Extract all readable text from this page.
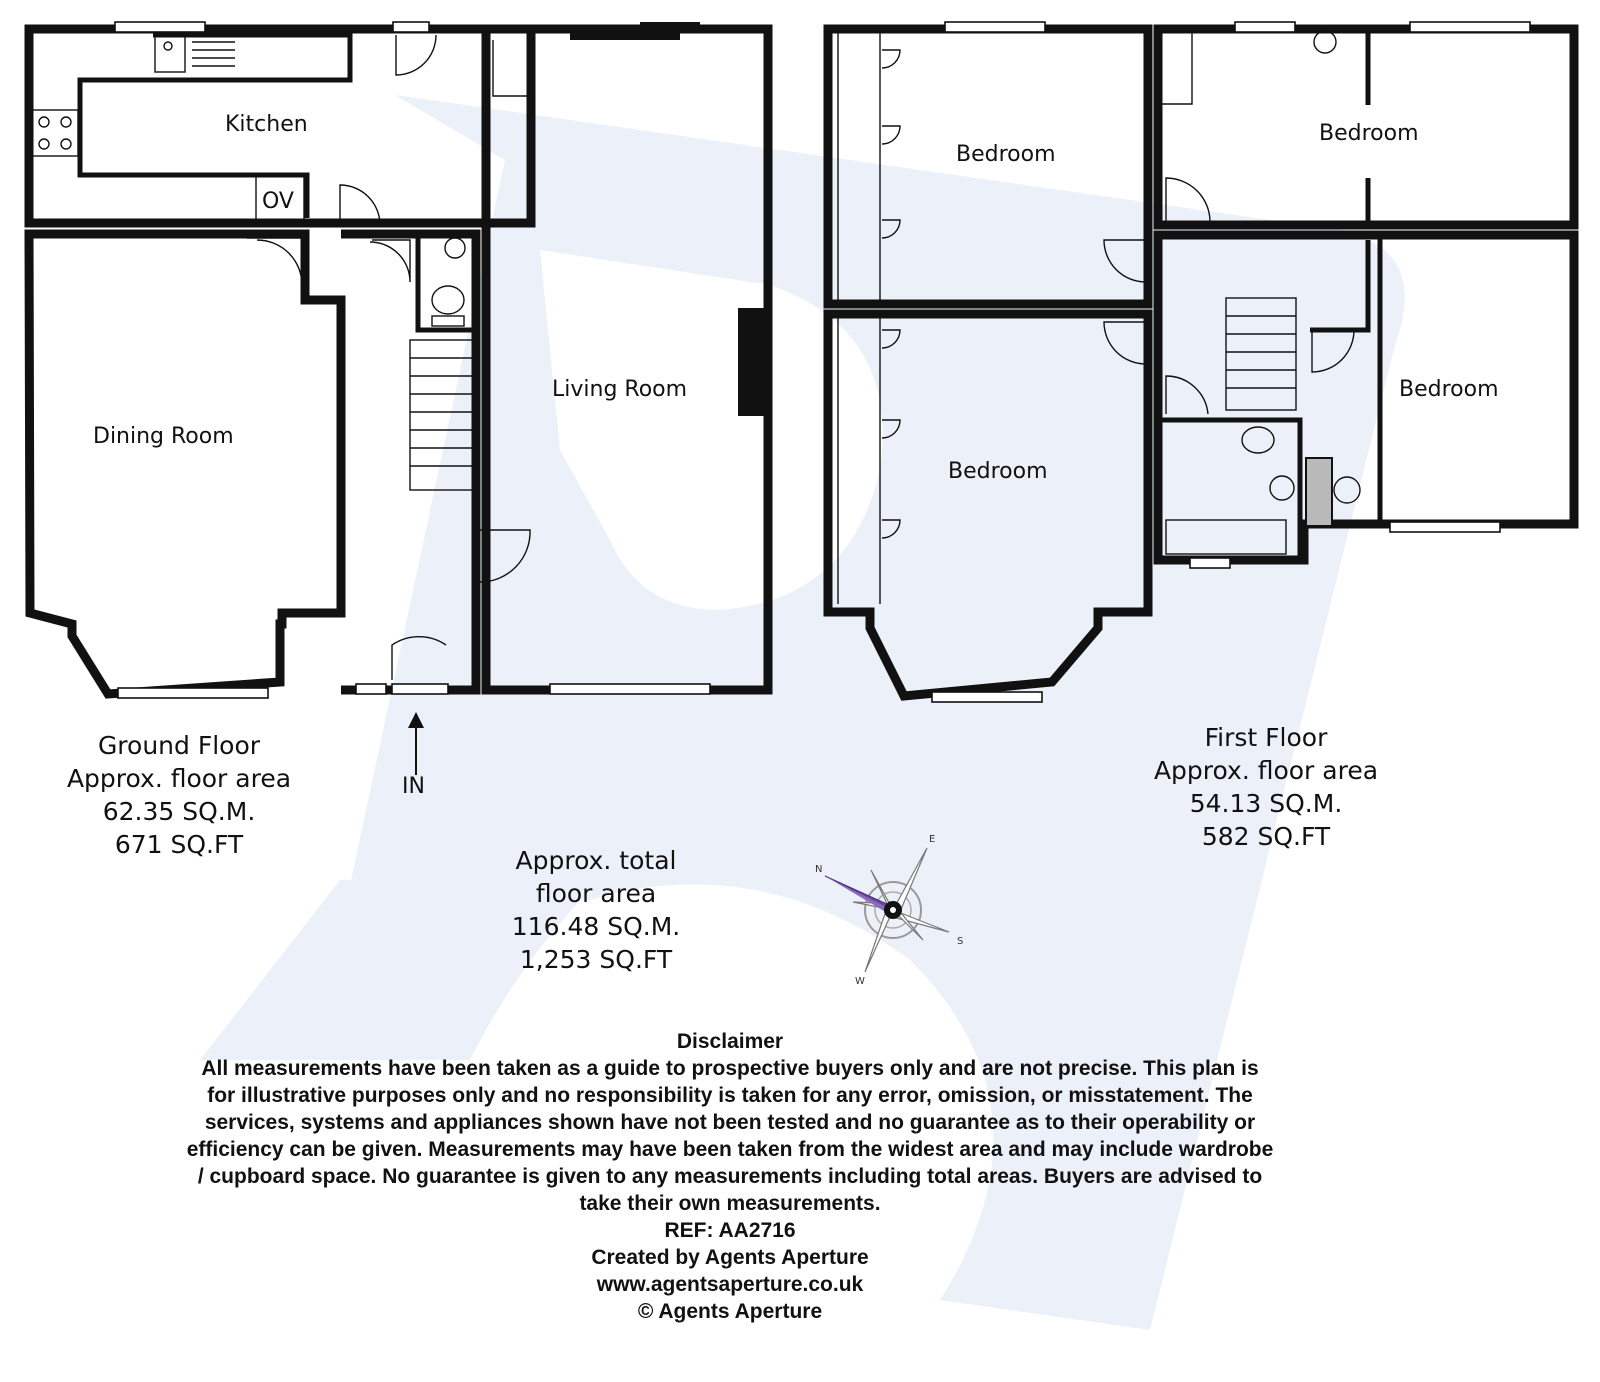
Kitchen
OV
Dining Room
Living Room
IN
Bedroom
Bedroom
Bedroom
Bedroom
Ground Floor
Approx. floor area
62.35 SQ.M.
671 SQ.FT
First Floor
Approx. floor area
54.13 SQ.M.
582 SQ.FT
Approx. total
floor area
116.48 SQ.M.
1,253 SQ.FT
N
E
S
W
Disclaimer
All measurements have been taken as a guide to prospective buyers only and are not precise. This plan is
for illustrative purposes only and no responsibility is taken for any error, omission, or misstatement. The
services, systems and appliances shown have not been tested and no guarantee as to their operability or
efficiency can be given. Measurements may have been taken from the widest area and may include wardrobe
/ cupboard space. No guarantee is given to any measurements including total areas. Buyers are advised to
take their own measurements.
REF: AA2716
Created by Agents Aperture
www.agentsaperture.co.uk
© Agents Aperture
